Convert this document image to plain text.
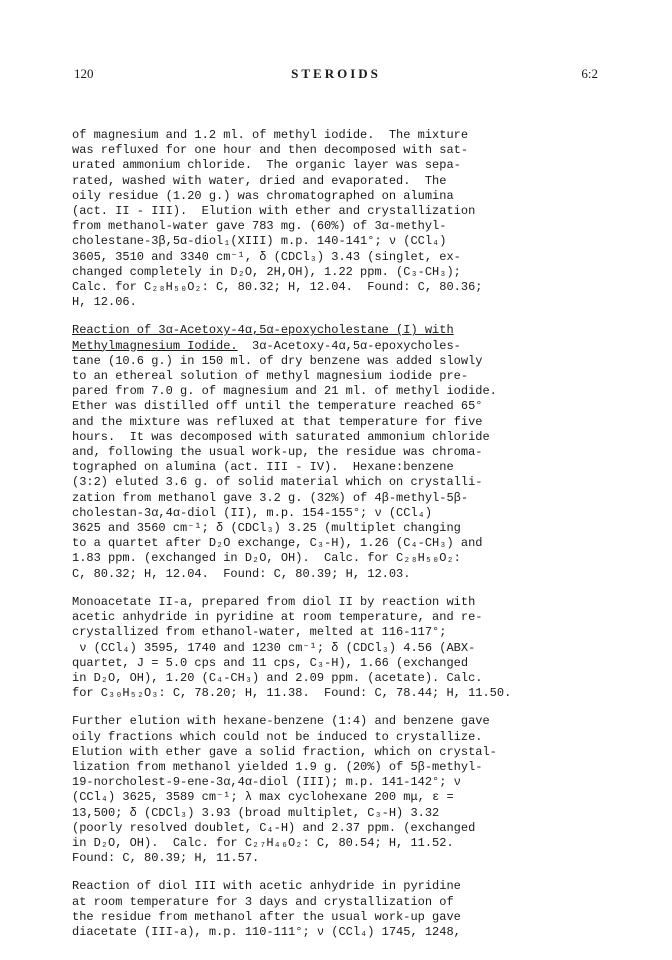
120	STEROIDS	6:2
of magnesium and 1.2 ml. of methyl iodide.  The mixture
was refluxed for one hour and then decomposed with sat-
urated ammonium chloride.  The organic layer was sepa-
rated, washed with water, dried and evaporated.  The
oily residue (1.20 g.) was chromatographed on alumina
(act. II - III).  Elution with ether and crystallization
from methanol-water gave 783 mg. (60%) of 3α-methyl-
cholestane-3β,5α-diol₁(XIII) m.p. 140-141°; ν (CCl₄)
3605, 3510 and 3340 cm⁻¹, δ (CDCl₃) 3.43 (singlet, ex-
changed completely in D₂O, 2H,OH), 1.22 ppm. (C₃-CH₃);
Calc. for C₂₈H₅₀O₂: C, 80.32; H, 12.04.  Found: C, 80.36;
H, 12.06.
Reaction of 3α-Acetoxy-4α,5α-epoxycholestane (I) with
Methylmagnesium Iodide.  3α-Acetoxy-4α,5α-epoxycholes-
tane (10.6 g.) in 150 ml. of dry benzene was added slowly
to an ethereal solution of methyl magnesium iodide pre-
pared from 7.0 g. of magnesium and 21 ml. of methyl iodide.
Ether was distilled off until the temperature reached 65°
and the mixture was refluxed at that temperature for five
hours.  It was decomposed with saturated ammonium chloride
and, following the usual work-up, the residue was chroma-
tographed on alumina (act. III - IV).  Hexane:benzene
(3:2) eluted 3.6 g. of solid material which on crystalli-
zation from methanol gave 3.2 g. (32%) of 4β-methyl-5β-
cholestan-3α,4α-diol (II), m.p. 154-155°; ν (CCl₄)
3625 and 3560 cm⁻¹; δ (CDCl₃) 3.25 (multiplet changing
to a quartet after D₂O exchange, C₃-H), 1.26 (C₄-CH₃) and
1.83 ppm. (exchanged in D₂O, OH).  Calc. for C₂₈H₅₀O₂:
C, 80.32; H, 12.04.  Found: C, 80.39; H, 12.03.
Monoacetate II-a, prepared from diol II by reaction with
acetic anhydride in pyridine at room temperature, and re-
crystallized from ethanol-water, melted at 116-117°;
ν (CCl₄) 3595, 1740 and 1230 cm⁻¹; δ (CDCl₃) 4.56 (ABX-
quartet, J = 5.0 cps and 11 cps, C₃-H), 1.66 (exchanged
in D₂O, OH), 1.20 (C₄-CH₃) and 2.09 ppm. (acetate). Calc.
for C₃₀H₅₂O₃: C, 78.20; H, 11.38.  Found: C, 78.44; H, 11.50.
Further elution with hexane-benzene (1:4) and benzene gave
oily fractions which could not be induced to crystallize.
Elution with ether gave a solid fraction, which on crystal-
lization from methanol yielded 1.9 g. (20%) of 5β-methyl-
19-norcholest-9-ene-3α,4α-diol (III); m.p. 141-142°; ν
(CCl₄) 3625, 3589 cm⁻¹; λ max cyclohexane 200 mμ, ε =
13,500; δ (CDCl₃) 3.93 (broad multiplet, C₃-H) 3.32
(poorly resolved doublet, C₄-H) and 2.37 ppm. (exchanged
in D₂O, OH).  Calc. for C₂₇H₄₆O₂: C, 80.54; H, 11.52.
Found: C, 80.39; H, 11.57.
Reaction of diol III with acetic anhydride in pyridine
at room temperature for 3 days and crystallization of
the residue from methanol after the usual work-up gave
diacetate (III-a), m.p. 110-111°; ν (CCl₄) 1745, 1248,
